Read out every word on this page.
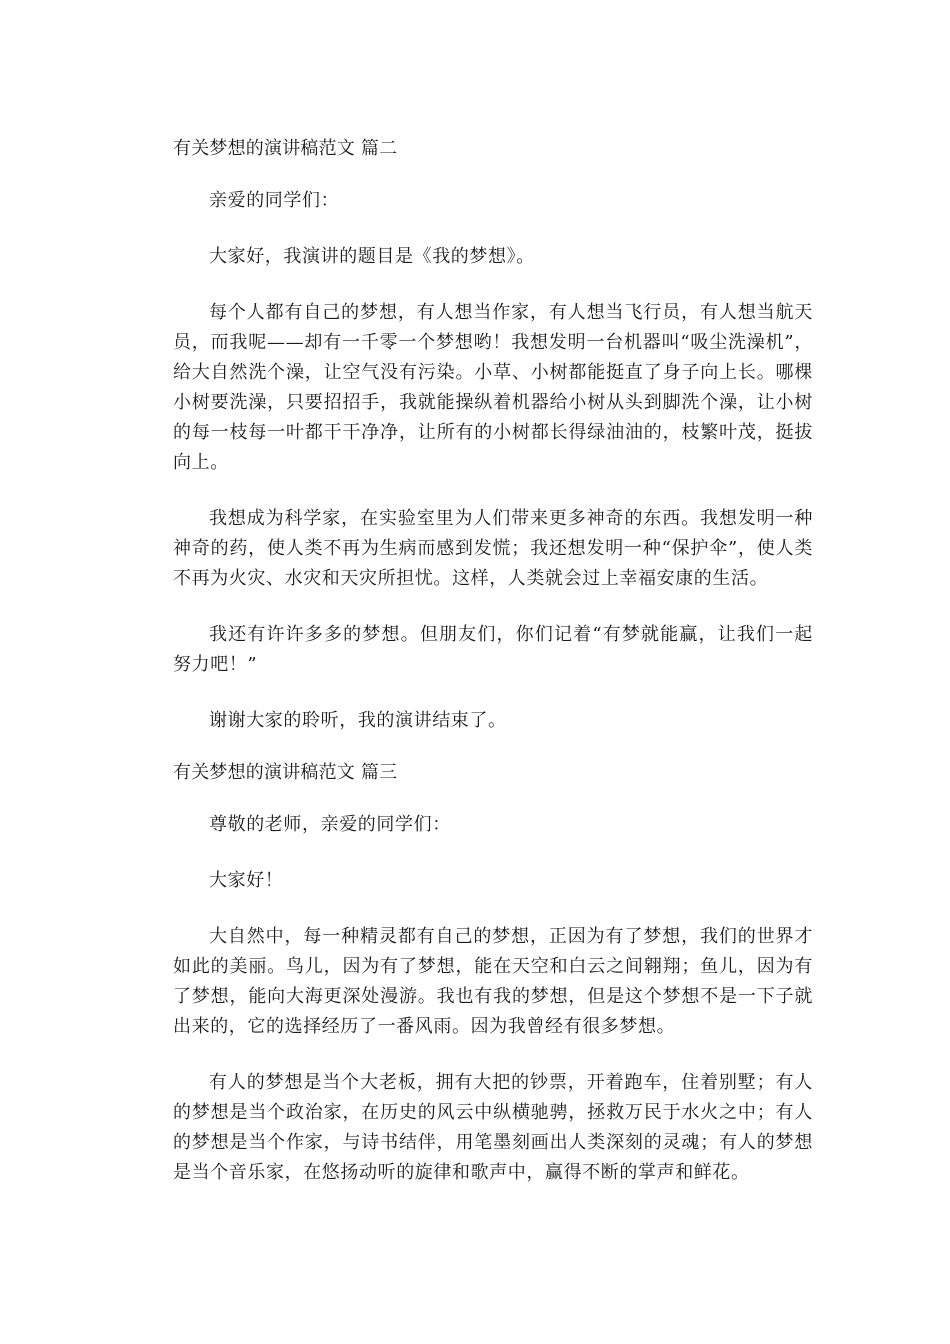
有关梦想的演讲稿范文 篇二

亲爱的同学们：

大家好，我演讲的题目是《我的梦想》。

每个人都有自己的梦想，有人想当作家，有人想当飞行员，有人想当航天员，而我呢——却有一千零一个梦想哟！我想发明一台机器叫“吸尘洗澡机”，给大自然洗个澡，让空气没有污染。小草、小树都能挺直了身子向上长。哪棵小树要洗澡，只要招招手，我就能操纵着机器给小树从头到脚洗个澡，让小树的每一枝每一叶都干干净净，让所有的小树都长得绿油油的，枝繁叶茂，挺拔向上。

我想成为科学家，在实验室里为人们带来更多神奇的东西。我想发明一种神奇的药，使人类不再为生病而感到发慌；我还想发明一种“保护伞”，使人类不再为火灾、水灾和天灾所担忧。这样，人类就会过上幸福安康的生活。

我还有许许多多的梦想。但朋友们，你们记着“有梦就能赢，让我们一起努力吧！”

谢谢大家的聆听，我的演讲结束了。

有关梦想的演讲稿范文 篇三

尊敬的老师，亲爱的同学们：

大家好！

大自然中，每一种精灵都有自己的梦想，正因为有了梦想，我们的世界才如此的美丽。鸟儿，因为有了梦想，能在天空和白云之间翱翔；鱼儿，因为有了梦想，能向大海更深处漫游。我也有我的梦想，但是这个梦想不是一下子就出来的，它的选择经历了一番风雨。因为我曾经有很多梦想。

有人的梦想是当个大老板，拥有大把的钞票，开着跑车，住着别墅；有人的梦想是当个政治家，在历史的风云中纵横驰骋，拯救万民于水火之中；有人的梦想是当个作家，与诗书结伴，用笔墨刻画出人类深刻的灵魂；有人的梦想是当个音乐家，在悠扬动听的旋律和歌声中，赢得不断的掌声和鲜花。
